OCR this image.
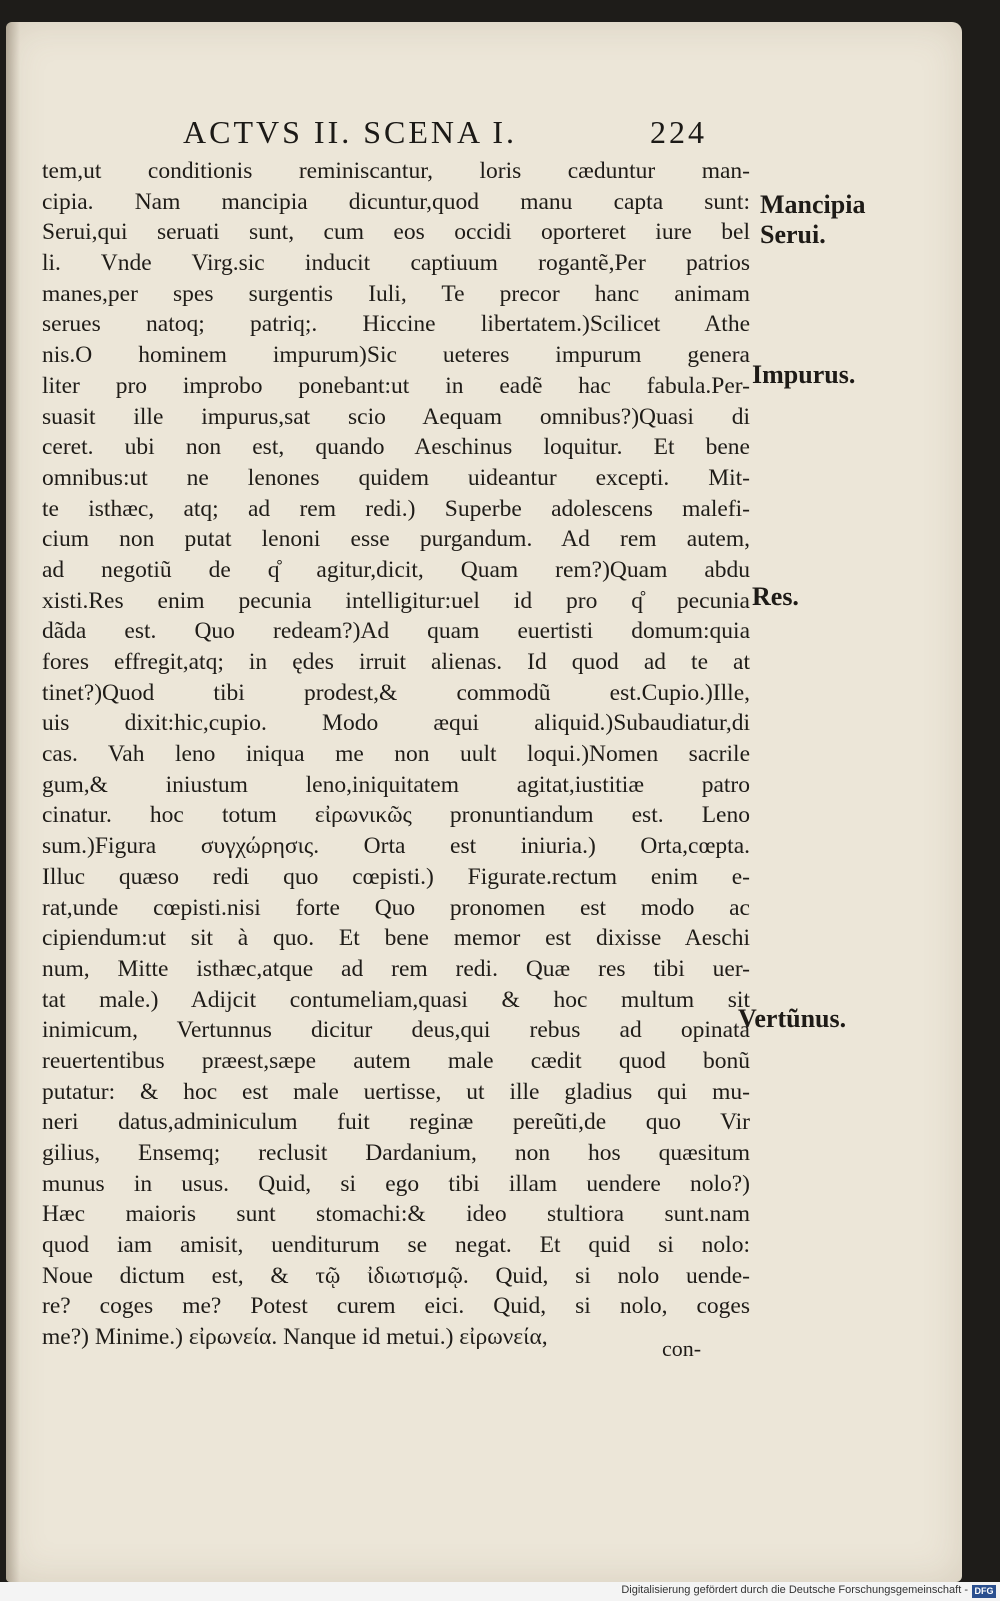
ACTVS II. SCENA I.	224
tem,ut conditionis reminiscantur, loris cæduntur man-
cipia. Nam mancipia dicuntur,quod manu capta sunt:
Serui,qui seruati sunt, cum eos occidi oporteret iure bel
li. Vnde Virg.sic inducit captiuum rogantẽ,Per patrios
manes,per spes surgentis Iuli, Te precor hanc animam
serues natoq; patriq;. Hiccine libertatem.)Scilicet Athe
nis.O hominem impurum)Sic ueteres impurum genera
liter pro improbo ponebant:ut in eadẽ hac fabula.Per-
suasit ille impurus,sat scio Aequam omnibus?)Quasi di
ceret. ubi non est, quando Aeschinus loquitur. Et bene
omnibus:ut ne lenones quidem uideantur excepti. Mit-
te isthæc, atq; ad rem redi.) Superbe adolescens malefi-
cium non putat lenoni esse purgandum. Ad rem autem,
ad negotiũ de q̊ agitur,dicit, Quam rem?)Quam abdu
xisti.Res enim pecunia intelligitur:uel id pro q̊ pecunia
dãda est. Quo redeam?)Ad quam euertisti domum:quia
fores effregit,atq; in ędes irruit alienas. Id quod ad te at
tinet?)Quod tibi prodest,& commodũ est.Cupio.)Ille,
uis dixit:hic,cupio. Modo æqui aliquid.)Subaudiatur,di
cas. Vah leno iniqua me non uult loqui.)Nomen sacrile
gum,& iniustum leno,iniquitatem agitat,iustitiæ patro
cinatur. hoc totum εἰρωνικῶς pronuntiandum est. Leno
sum.)Figura συγχώρησις. Orta est iniuria.) Orta,cœpta.
Illuc quæso redi quo cœpisti.) Figurate.rectum enim e-
rat,unde cœpisti.nisi forte Quo pronomen est modo ac
cipiendum:ut sit à quo. Et bene memor est dixisse Aeschi
num, Mitte isthæc,atque ad rem redi. Quæ res tibi uer-
tat male.) Adijcit contumeliam,quasi & hoc multum sit
inimicum, Vertunnus dicitur deus,qui rebus ad opinata
reuertentibus præest,sæpe autem male cædit quod bonũ
putatur: & hoc est male uertisse, ut ille gladius qui mu-
neri datus,adminiculum fuit reginæ pereũti,de quo Vir
gilius, Ensemq; reclusit Dardanium, non hos quæsitum
munus in usus. Quid, si ego tibi illam uendere nolo?)
Hæc maioris sunt stomachi:& ideo stultiora sunt.nam
quod iam amisit, uenditurum se negat. Et quid si nolo:
Noue dictum est, & τῷ ἰδιωτισμῷ. Quid, si nolo uende-
re? coges me? Potest curem eici. Quid, si nolo, coges
me?) Minime.) εἰρωνεία. Nanque id metui.) εἰρωνεία,	con-
Mancipia
Serui.
Impurus.
Res.
Vertũnus.
Digitalisierung gefördert durch die Deutsche Forschungsgemeinschaft - DFG
